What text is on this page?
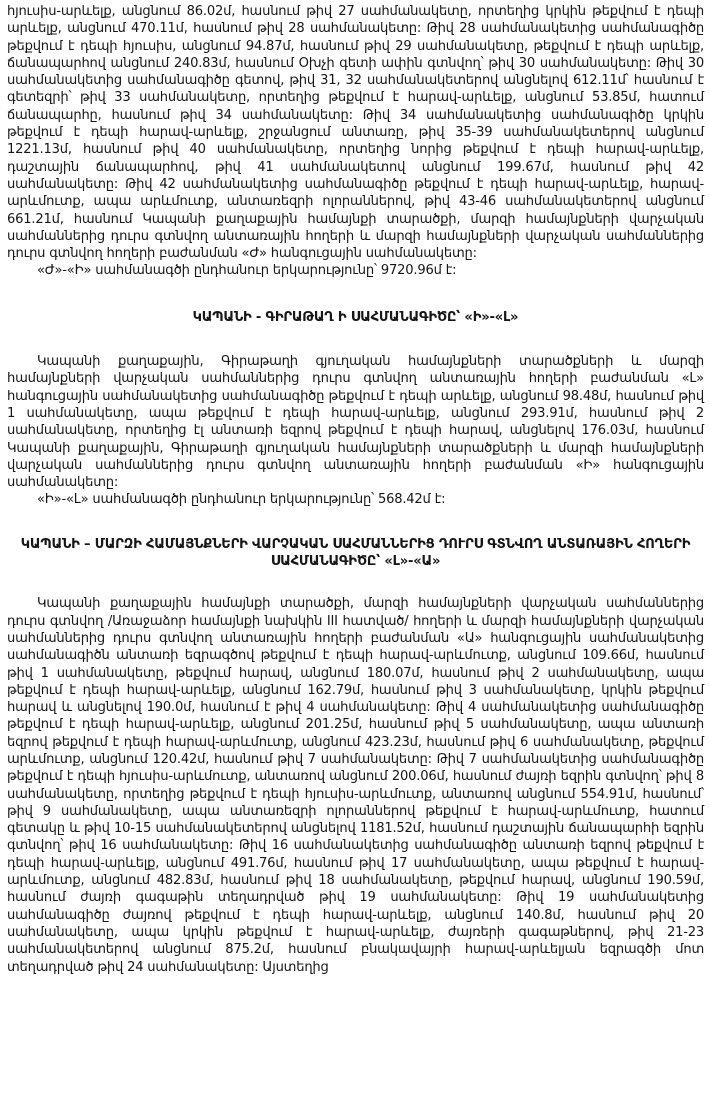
հյուսիս-արևելք, անցնում 86.02մ, հասնում թիվ 27 սահմանակետը, որտեղից կրկին թեքվում է դեպի արևելք, անցնում 470.11մ, հասնում թիվ 28 սահմանակետը: Թիվ 28 սահմանակետից սահմանագիծը թեքվում է դեպի հյուսիս, անցնում 94.87մ, հասնում թիվ 29 սահմանակետը, թեքվում է դեպի արևելք, ճանապարհով անցնում 240.83մ, հասնում Օխչի գետի ափին գտնվող՝ թիվ 30 սահմանակետը: Թիվ 30 սահմանակետից սահմանագիծը գետով, թիվ 31, 32 սահմանակետերով անցնելով 612.11մ՝ հասնում է գետեզրի՝ թիվ 33 սահմանակետը, որտեղից թեքվում է հարավ-արևելք, անցնում 53.85մ, հատում ճանապարհը, հասնում թիվ 34 սահմանակետը: Թիվ 34 սահմանակետից սահմանագիծը կրկին թեքվում է դեպի հարավ-արևելք, շրջանցում անտառը, թիվ 35-39 սահմանակետերով անցնում 1221.13մ, հասնում թիվ 40 սահմանակետը, որտեղից նորից թեքվում է դեպի հարավ-արևելք, դաշտային ճանապարհով, թիվ 41 սահմանակետով անցնում 199.67մ, հասնում թիվ 42 սահմանակետը: Թիվ 42 սահմանակետից սահմանագիծը թեքվում է դեպի հարավ-արևելք, հարավ-արևմուտք, ապա արևմուտք, անտառեզրի ոլորաններով, թիվ 43-46 սահմանակետերով անցնում 661.21մ, հասնում Կապանի քաղաքային համայնքի տարածքի, մարզի համայնքների վարչական սահմաններից դուրս գտնվող անտառային հողերի և մարզի համայնքների վարչական սահմաններից դուրս գտնվող հողերի բաժանման «Ժ» հանգուցային սահմանակետը:

«Ժ»-«Ի» սահմանագծի ընդհանուր երկարությունը՝ 9720.96մ է:

ԿԱՊԱՆԻ - ԳԻՐԱԹԱՂ Ի ՍԱՀՄԱՆԱԳԻԾԸ՝ «Ի»-«Լ»

Կապանի քաղաքային, Գիրաթաղի գյուղական համայնքների տարածքների և մարզի համայնքների վարչական սահմաններից դուրս գտնվող անտառային հողերի բաժանման «Լ» հանգուցային սահմանակետից սահմանագիծը թեքվում է դեպի արևելք, անցնում 98.48մ, հասնում թիվ 1 սահմանակետը, ապա թեքվում է դեպի հարավ-արևելք, անցնում 293.91մ, հասնում թիվ 2 սահմանակետը, որտեղից էլ անտառի եզրով թեքվում է դեպի հարավ, անցնելով 176.03մ, հասնում Կապանի քաղաքային, Գիրաթաղի գյուղական համայնքների տարածքների և մարզի համայնքների վարչական սահմաններից դուրս գտնվող անտառային հողերի բաժանման «Ի» հանգուցային սահմանակետը:

«Ի»-«Լ» սահմանագծի ընդհանուր երկարությունը՝ 568.42մ է:

ԿԱՊԱՆԻ – ՄԱՐԶԻ ՀԱՄԱՅՆՔՆԵՐԻ ՎԱՐՉԱԿԱՆ ՍԱՀՄԱՆՆԵՐԻՑ ԴՈՒՐՍ ԳՏՆՎՈՂ ԱՆՏԱՌԱՅԻՆ ՀՈՂԵՐԻ ՍԱՀՄԱՆԱԳԻԾԸ՝ «Լ»-«Ա»

Կապանի քաղաքային համայնքի տարածքի, մարզի համայնքների վարչական սահմաններից դուրս գտնվող /Առաջաձոր համայնքի նախկին III հատված/ հողերի և մարզի համայնքների վարչական սահմաններից դուրս գտնվող անտառային հողերի բաժանման «Ա» հանգուցային սահմանակետից սահմանագիծն անտառի եզրագծով թեքվում է դեպի հարավ-արևմուտք, անցնում 109.66մ, հասնում թիվ 1 սահմանակետը, թեքվում հարավ, անցնում 180.07մ, հասնում թիվ 2 սահմանակետը, ապա թեքվում է դեպի հարավ-արևելք, անցնում 162.79մ, հասնում թիվ 3 սահմանակետը, կրկին թեքվում հարավ և անցնելով 190.0մ, հասնում է թիվ 4 սահմանակետը: Թիվ 4 սահմանակետից սահմանագիծը թեքվում է դեպի հարավ-արևելք, անցնում 201.25մ, հասնում թիվ 5 սահմանակետը, ապա անտառի եզրով թեքվում է դեպի հարավ-արևմուտք, անցնում 423.23մ, հասնում թիվ 6 սահմանակետը, թեքվում արևմուտք, անցնում 120.42մ, հասնում թիվ 7 սահմանակետը: Թիվ 7 սահմանակետից սահմանագիծը թեքվում է դեպի հյուսիս-արևմուտք, անտառով անցնում 200.06մ, հասնում ժայռի եզրին գտնվող՝ թիվ 8 սահմանակետը, որտեղից թեքվում է դեպի հյուսիս-արևմուտք, անտառով անցնում 554.91մ, հասնում՝ թիվ 9 սահմանակետը, ապա անտառեզրի ոլորաններով թեքվում է հարավ-արևմուտք, հատում գետակը և թիվ 10-15 սահմանակետերով անցնելով 1181.52մ, հասնում դաշտային ճանապարհի եզրին գտնվող՝ թիվ 16 սահմանակետը: Թիվ 16 սահմանակետից սահմանագիծը անտառի եզրով թեքվում է դեպի հարավ-արևելք, անցնում 491.76մ, հասնում թիվ 17 սահմանակետը, ապա թեքվում է հարավ-արևմուտք, անցնում 482.83մ, հասնում թիվ 18 սահմանակետը, թեքվում հարավ, անցնում 190.59մ, հասնում ժայռի գագաթին տեղադրված թիվ 19 սահմանակետը: Թիվ 19 սահմանակետից սահմանագիծը ժայռով թեքվում է դեպի հարավ-արևելք, անցնում 140.8մ, հասնում թիվ 20 սահմանակետը, ապա կրկին թեքվում է հարավ-արևելք, ժայռերի գագաթներով, թիվ 21-23 սահմանակետերով անցնում 875.2մ, հասնում բնակավայրի հարավ-արևելյան եզրագծի մոտ տեղադրված թիվ 24 սահմանակետը: Այստեղից
